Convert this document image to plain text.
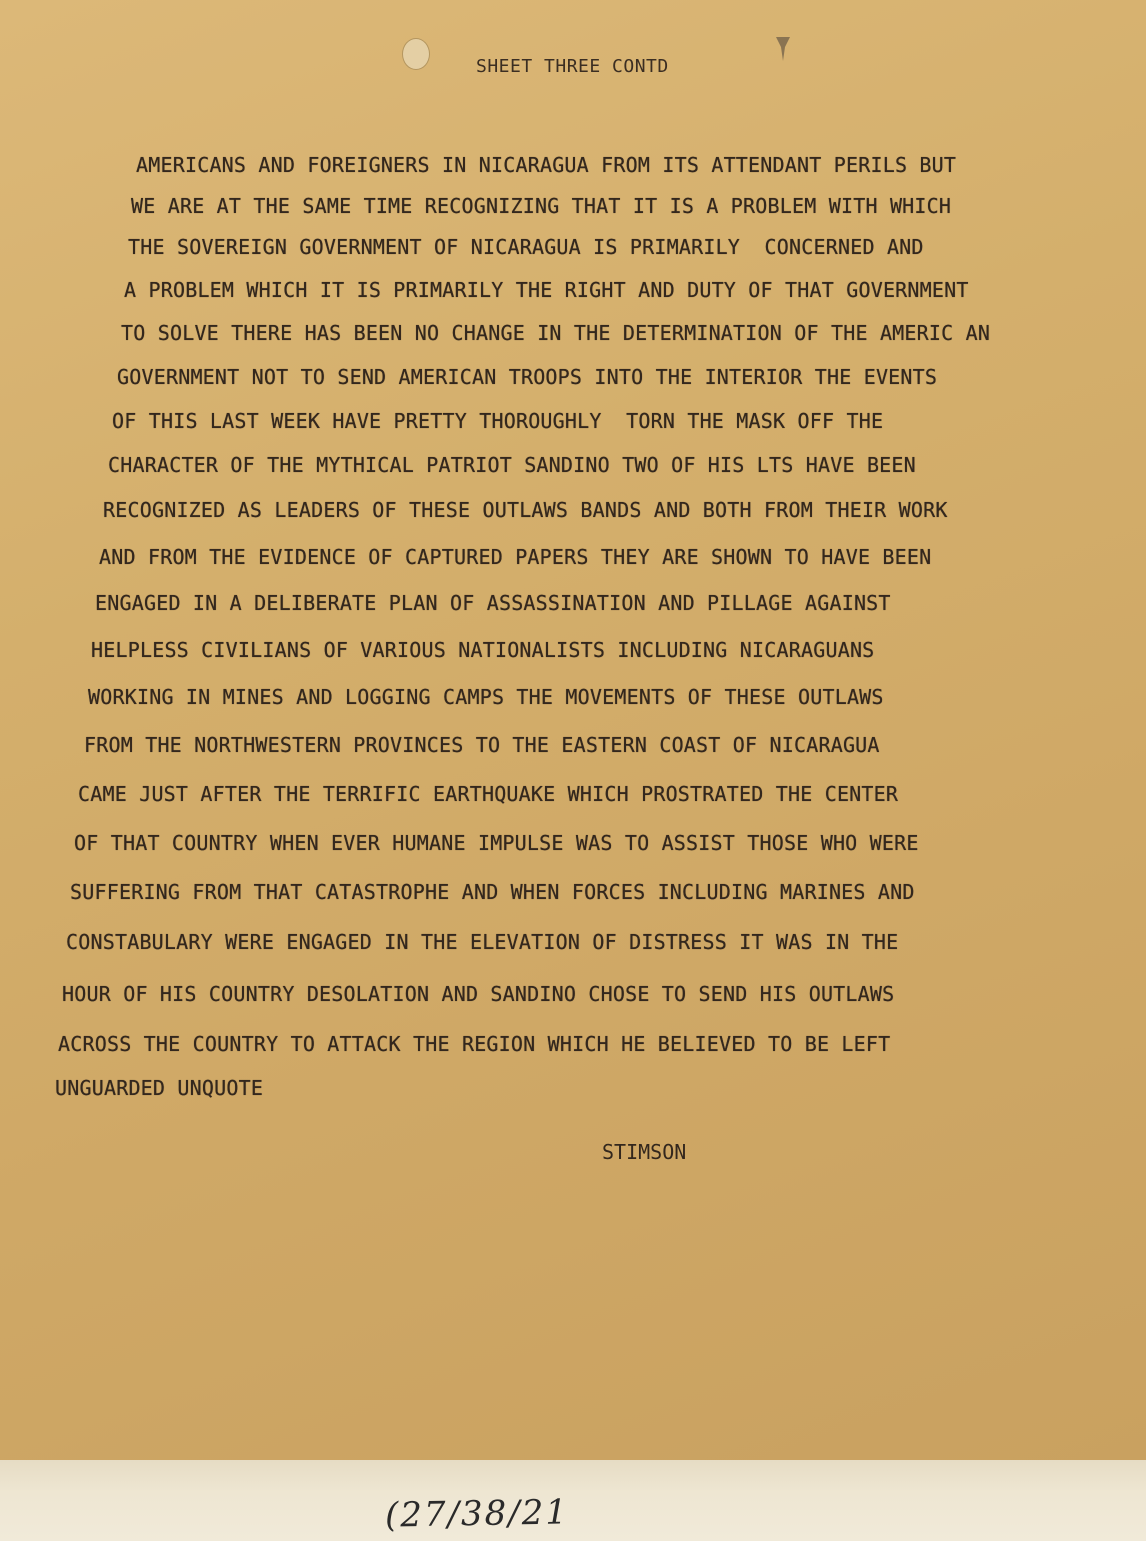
SHEET THREE CONTD
AMERICANS AND FOREIGNERS IN NICARAGUA FROM ITS ATTENDANT PERILS BUT
WE ARE AT THE SAME TIME RECOGNIZING THAT IT IS A PROBLEM WITH WHICH
THE SOVEREIGN GOVERNMENT OF NICARAGUA IS PRIMARILY  CONCERNED AND
A PROBLEM WHICH IT IS PRIMARILY THE RIGHT AND DUTY OF THAT GOVERNMENT
TO SOLVE THERE HAS BEEN NO CHANGE IN THE DETERMINATION OF THE AMERIC AN
GOVERNMENT NOT TO SEND AMERICAN TROOPS INTO THE INTERIOR THE EVENTS
OF THIS LAST WEEK HAVE PRETTY THOROUGHLY  TORN THE MASK OFF THE
CHARACTER OF THE MYTHICAL PATRIOT SANDINO TWO OF HIS LTS HAVE BEEN
RECOGNIZED AS LEADERS OF THESE OUTLAWS BANDS AND BOTH FROM THEIR WORK
AND FROM THE EVIDENCE OF CAPTURED PAPERS THEY ARE SHOWN TO HAVE BEEN
ENGAGED IN A DELIBERATE PLAN OF ASSASSINATION AND PILLAGE AGAINST
HELPLESS CIVILIANS OF VARIOUS NATIONALISTS INCLUDING NICARAGUANS
WORKING IN MINES AND LOGGING CAMPS THE MOVEMENTS OF THESE OUTLAWS
FROM THE NORTHWESTERN PROVINCES TO THE EASTERN COAST OF NICARAGUA
CAME JUST AFTER THE TERRIFIC EARTHQUAKE WHICH PROSTRATED THE CENTER
OF THAT COUNTRY WHEN EVER HUMANE IMPULSE WAS TO ASSIST THOSE WHO WERE
SUFFERING FROM THAT CATASTROPHE AND WHEN FORCES INCLUDING MARINES AND
CONSTABULARY WERE ENGAGED IN THE ELEVATION OF DISTRESS IT WAS IN THE
HOUR OF HIS COUNTRY DESOLATION AND SANDINO CHOSE TO SEND HIS OUTLAWS
ACROSS THE COUNTRY TO ATTACK THE REGION WHICH HE BELIEVED TO BE LEFT
UNGUARDED UNQUOTE
STIMSON
(27/38/21
